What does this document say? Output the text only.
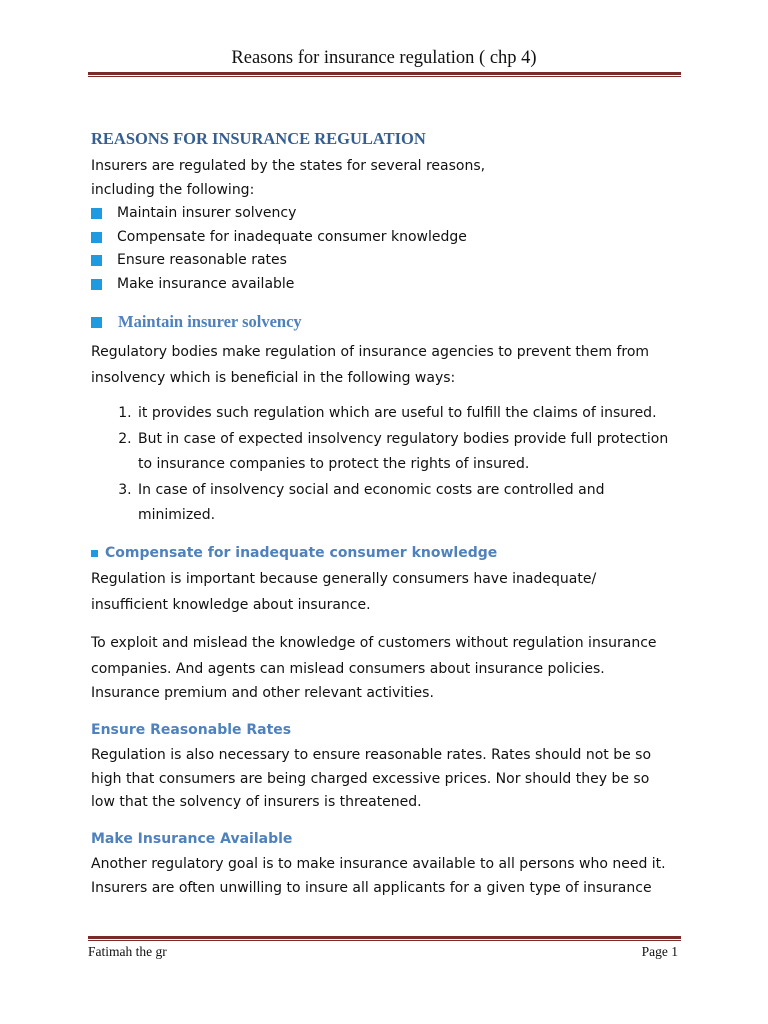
Reasons for insurance regulation ( chp 4)
REASONS FOR INSURANCE REGULATION

Insurers are regulated by the states for several reasons,

including the following:

Maintain insurer solvency
Compensate for inadequate consumer knowledge
Ensure reasonable rates
Make insurance available
Maintain insurer solvency

Regulatory bodies make regulation of insurance agencies to prevent them from

insolvency which is beneficial in the following ways:

1. it provides such regulation which are useful to fulfill the claims of insured.
2. But in case of expected insolvency regulatory bodies provide full protection to insurance companies to protect the rights of insured.
3. In case of insolvency social and economic costs are controlled and minimized.
Compensate for inadequate consumer knowledge

Regulation is important because generally consumers have inadequate/

insufficient knowledge about insurance.

To exploit and mislead the knowledge of customers without regulation insurance

companies. And agents can mislead consumers about insurance policies.

Insurance premium and other relevant activities.

Ensure Reasonable Rates

Regulation is also necessary to ensure reasonable rates. Rates should not be so

high that consumers are being charged excessive prices. Nor should they be so

low that the solvency of insurers is threatened.

Make Insurance Available

Another regulatory goal is to make insurance available to all persons who need it.

Insurers are often unwilling to insure all applicants for a given type of insurance

Fatimah the gr	Page 1
